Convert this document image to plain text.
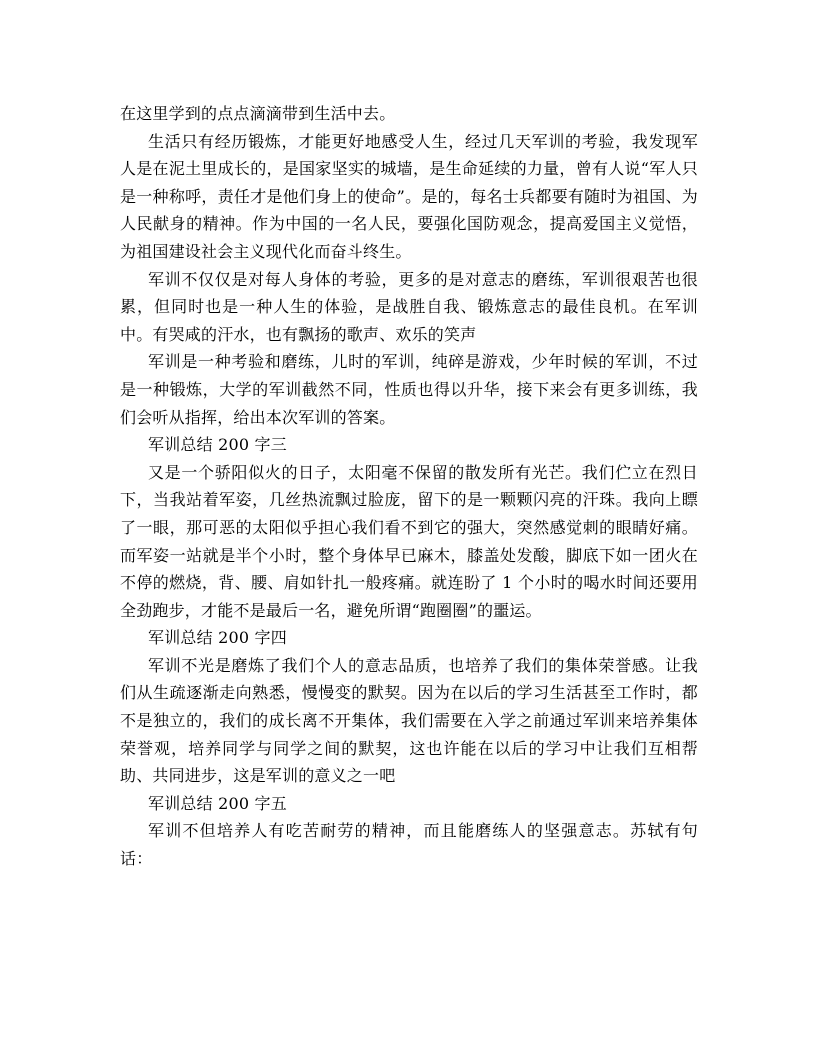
在这里学到的点点滴滴带到生活中去。

生活只有经历锻炼，才能更好地感受人生，经过几天军训的考验，我发现军人是在泥土里成长的，是国家坚实的城墙，是生命延续的力量，曾有人说“军人只是一种称呼，责任才是他们身上的使命”。是的，每名士兵都要有随时为祖国、为人民献身的精神。作为中国的一名人民，要强化国防观念，提高爱国主义觉悟，为祖国建设社会主义现代化而奋斗终生。

军训不仅仅是对每人身体的考验，更多的是对意志的磨练，军训很艰苦也很累，但同时也是一种人生的体验，是战胜自我、锻炼意志的最佳良机。在军训中。有哭咸的汗水，也有飘扬的歌声、欢乐的笑声

军训是一种考验和磨练，儿时的军训，纯碎是游戏，少年时候的军训，不过是一种锻炼，大学的军训截然不同，性质也得以升华，接下来会有更多训练，我们会听从指挥，给出本次军训的答案。

军训总结 200 字三

又是一个骄阳似火的日子，太阳毫不保留的散发所有光芒。我们伫立在烈日下，当我站着军姿，几丝热流飘过脸庞，留下的是一颗颗闪亮的汗珠。我向上瞟了一眼，那可恶的太阳似乎担心我们看不到它的强大，突然感觉刺的眼睛好痛。而军姿一站就是半个小时，整个身体早已麻木，膝盖处发酸，脚底下如一团火在不停的燃烧，背、腰、肩如针扎一般疼痛。就连盼了 1 个小时的喝水时间还要用全劲跑步，才能不是最后一名，避免所谓“跑圈圈”的噩运。

军训总结 200 字四

军训不光是磨炼了我们个人的意志品质，也培养了我们的集体荣誉感。让我们从生疏逐渐走向熟悉，慢慢变的默契。因为在以后的学习生活甚至工作时，都不是独立的，我们的成长离不开集体，我们需要在入学之前通过军训来培养集体荣誉观，培养同学与同学之间的默契，这也许能在以后的学习中让我们互相帮助、共同进步，这是军训的意义之一吧

军训总结 200 字五

军训不但培养人有吃苦耐劳的精神，而且能磨练人的坚强意志。苏轼有句话：
